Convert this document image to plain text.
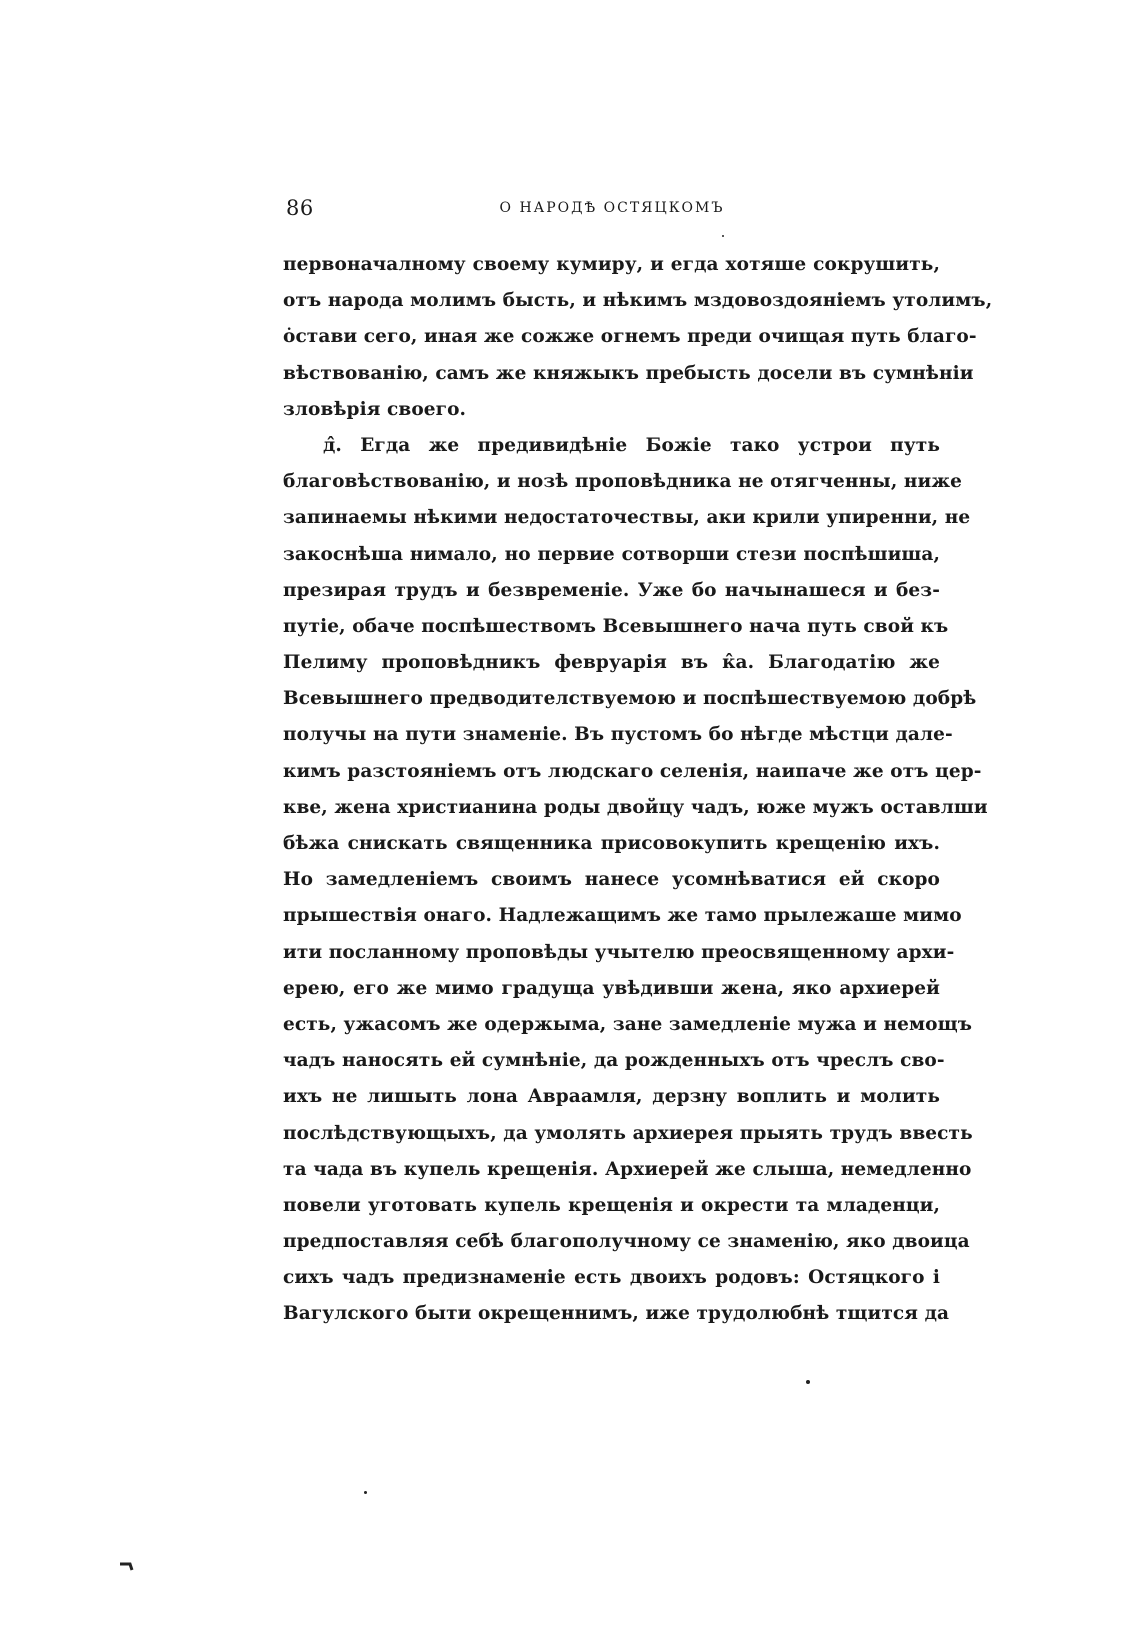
86	О НАРОДѢ ОСТЯЦКОМЪ
первоначалному своему кумиру, и егда хотяше сокрушить,
отъ народа молимъ бысть, и нѣкимъ мздовоздоянiемъ утолимъ,
ȯстави сего, иная же сожже огнемъ преди очищая путь благо-
вѣствованiю, самъ же княжыкъ пребысть досели въ сумнѣнiи
зловѣрiя своего.
д̂. Егда же предивидѣнiе Божiе тако устрои путь
благовѣствованiю, и нозѣ проповѣдника не отягченны, ниже
запинаемы нѣкими недостаточествы, аки крили упиренни, не
закоснѣша нималo, но первие сотворши стези поспѣшиша,
презирая трудъ и безвременiе. Уже бо начынашеся и без-
путiе, обаче поспѣшествомъ Всевышнего нача путь свой къ
Пелиму проповѣдникъ февруарiя въ к̂а. Благодатiю же
Всевышнего предводителствуемою и поспѣшествуемою добрѣ
получы на пути знаменiе. Въ пустомъ бо нѣгде мѣстци дале-
кимъ разстоянiемъ отъ людскаго селенiя, наипаче же отъ цер-
кве, жена христианина роды двойцу чадъ, юже мужъ оставлши
бѣжа снискать священника присовокупить крещенiю ихъ.
Но замедленiемъ своимъ нанесе усомнѣватися ей скоро
прышествiя онаго. Надлежащимъ же тамо прылежаше мимо
ити посланному проповѣды учытелю преосвященному архи-
ерею, его же мимо градуща увѣдивши жена, яко архиерей
есть, ужасомъ же одержыма, зане замедленiе мужа и немощъ
чадъ наносять ей сумнѣнiе, да рожденныхъ отъ чреслъ сво-
ихъ не лишыть лона Авраамля, дерзну воплить и молить
послѣдствующыхъ, да умолять архиерея прыять трудъ ввесть
та чада въ купель крещенiя. Архиерей же слыша, немедленно
повели уготовать купель крещенiя и окрести та младенци,
предпоставляя себѣ благополучному се знаменiю, яко двоица
сихъ чадъ предизнаменiе есть двоихъ родовъ: Остяцкого i
Вагулского быти окрещеннимъ, иже трудолюбнѣ тщится да
